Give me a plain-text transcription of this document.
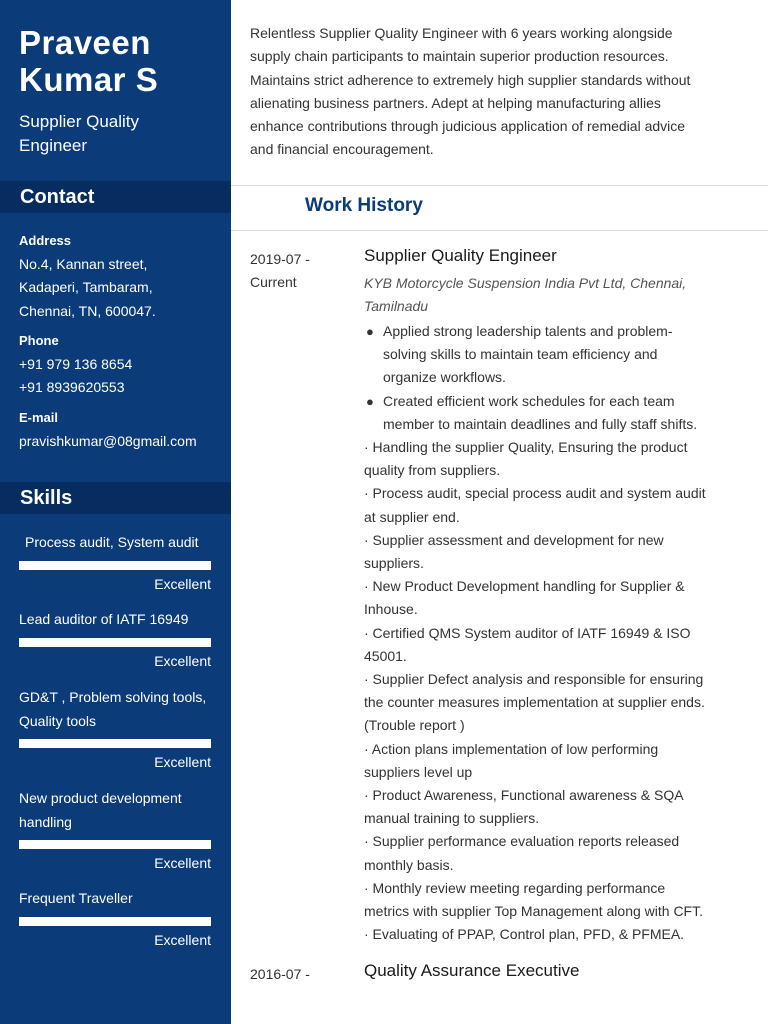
Praveen
Kumar S
Supplier Quality
Engineer
Contact
Address
No.4, Kannan street,
Kadaperi, Tambaram,
Chennai, TN, 600047.
Phone
+91 979 136 8654
+91 8939620553
E-mail
pravishkumar@08gmail.com
Skills
Process audit, System audit
Excellent
Lead auditor of IATF 16949
Excellent
GD&T , Problem solving tools,
Quality tools
Excellent
New product development
handling
Excellent
Frequent Traveller
Excellent
Relentless Supplier Quality Engineer with 6 years working alongside
supply chain participants to maintain superior production resources.
Maintains strict adherence to extremely high supplier standards without
alienating business partners. Adept at helping manufacturing allies
enhance contributions through judicious application of remedial advice
and financial encouragement.
Work History
2019-07 -
Current
Supplier Quality Engineer
KYB Motorcycle Suspension India Pvt Ltd, Chennai,
Tamilnadu
● Applied strong leadership talents and problem-
solving skills to maintain team efficiency and
organize workflows.
● Created efficient work schedules for each team
member to maintain deadlines and fully staff shifts.
· Handling the supplier Quality, Ensuring the product
quality from suppliers.
· Process audit, special process audit and system audit
at supplier end.
· Supplier assessment and development for new
suppliers.
· New Product Development handling for Supplier &
Inhouse.
· Certified QMS System auditor of IATF 16949 & ISO
45001.
· Supplier Defect analysis and responsible for ensuring
the counter measures implementation at supplier ends.
(Trouble report )
· Action plans implementation of low performing
suppliers level up
· Product Awareness, Functional awareness & SQA
manual training to suppliers.
· Supplier performance evaluation reports released
monthly basis.
· Monthly review meeting regarding performance
metrics with supplier Top Management along with CFT.
· Evaluating of PPAP, Control plan, PFD, & PFMEA.
2016-07 -	Quality Assurance Executive
